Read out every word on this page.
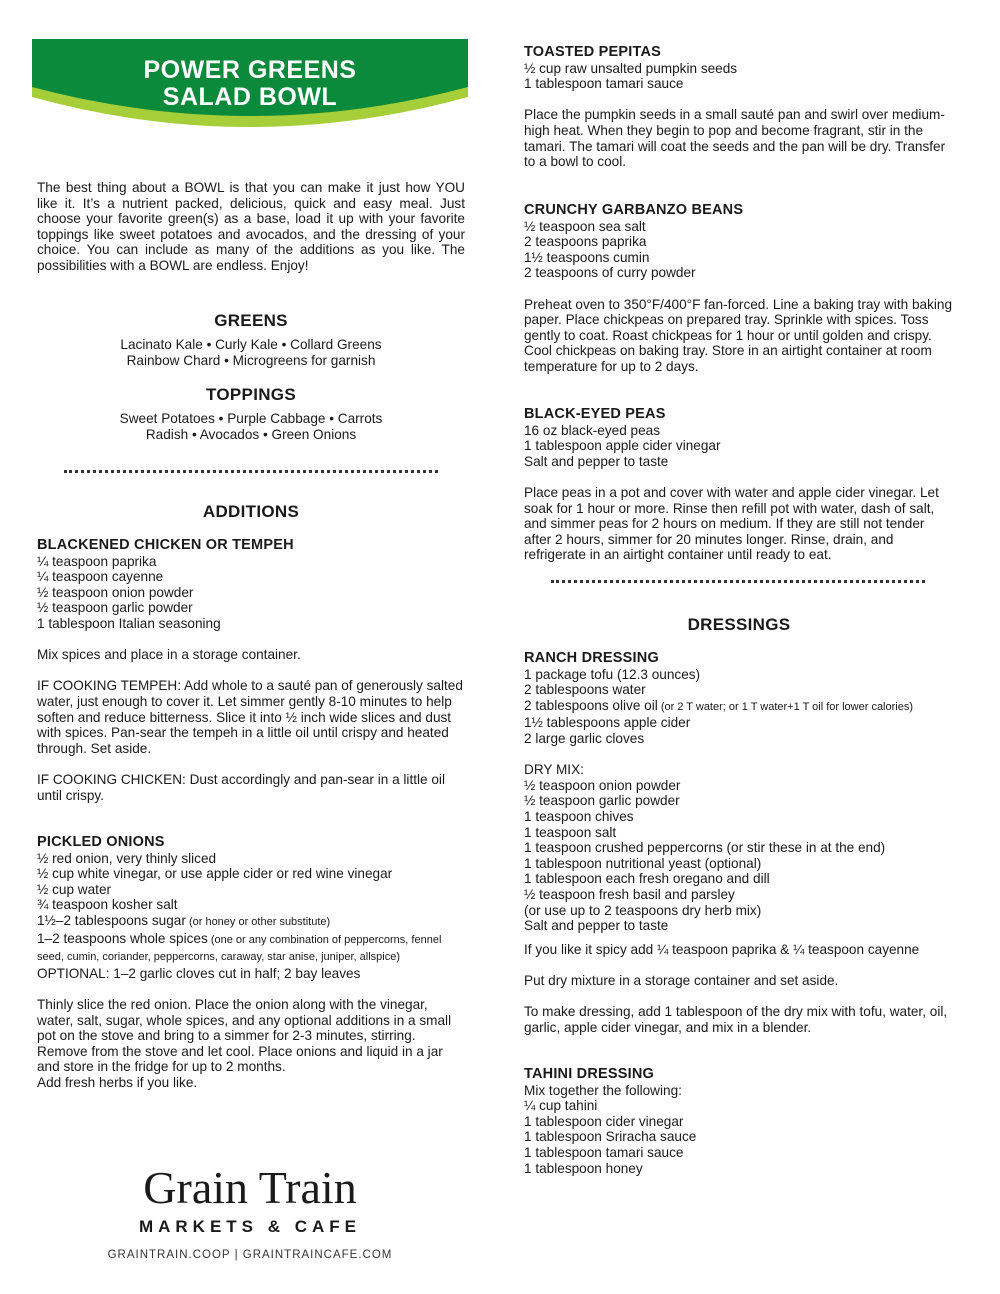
POWER GREENS
SALAD BOWL

The best thing about a BOWL is that you can make it just how YOU like it. It’s a nutrient packed, delicious, quick and easy meal. Just choose your favorite green(s) as a base, load it up with your favorite toppings like sweet potatoes and avocados, and the dressing of your choice. You can include as many of the additions as you like. The possibilities with a BOWL are endless. Enjoy!

GREENS
Lacinato Kale • Curly Kale • Collard Greens
Rainbow Chard • Microgreens for garnish
TOPPINGS
Sweet Potatoes • Purple Cabbage • Carrots
Radish • Avocados • Green Onions
ADDITIONS
BLACKENED CHICKEN OR TEMPEH
¼ teaspoon paprika
¼ teaspoon cayenne
½ teaspoon onion powder
½ teaspoon garlic powder
1 tablespoon Italian seasoning

Mix spices and place in a storage container.

IF COOKING TEMPEH: Add whole to a sauté pan of generously salted water, just enough to cover it. Let simmer gently 8-10 minutes to help soften and reduce bitterness. Slice it into ½ inch wide slices and dust with spices. Pan-sear the tempeh in a little oil until crispy and heated through. Set aside.

IF COOKING CHICKEN: Dust accordingly and pan-sear in a little oil until crispy.

PICKLED ONIONS
½ red onion, very thinly sliced
½ cup white vinegar, or use apple cider or red wine vinegar
½ cup water
¾ teaspoon kosher salt
1½–2 tablespoons sugar (or honey or other substitute)

1–2 teaspoons whole spices (one or any combination of peppercorns, fennel seed, cumin, coriander, peppercorns, caraway, star anise, juniper, allspice)

OPTIONAL: 1–2 garlic cloves cut in half; 2 bay leaves

Thinly slice the red onion. Place the onion along with the vinegar, water, salt, sugar, whole spices, and any optional additions in a small pot on the stove and bring to a simmer for 2-3 minutes, stirring. Remove from the stove and let cool. Place onions and liquid in a jar and store in the fridge for up to 2 months.

Add fresh herbs if you like.

Grain Train
MARKETS & CAFE
GRAINTRAIN.COOP | GRAINTRAINCAFE.COM
TOASTED PEPITAS
½ cup raw unsalted pumpkin seeds
1 tablespoon tamari sauce

Place the pumpkin seeds in a small sauté pan and swirl over medium-high heat. When they begin to pop and become fragrant, stir in the tamari. The tamari will coat the seeds and the pan will be dry. Transfer to a bowl to cool.

CRUNCHY GARBANZO BEANS
½ teaspoon sea salt
2 teaspoons paprika
1½ teaspoons cumin
2 teaspoons of curry powder

Preheat oven to 350°F/400°F fan-forced. Line a baking tray with baking paper. Place chickpeas on prepared tray. Sprinkle with spices. Toss gently to coat. Roast chickpeas for 1 hour or until golden and crispy. Cool chickpeas on baking tray. Store in an airtight container at room temperature for up to 2 days.

BLACK-EYED PEAS
16 oz black-eyed peas
1 tablespoon apple cider vinegar
Salt and pepper to taste

Place peas in a pot and cover with water and apple cider vinegar. Let soak for 1 hour or more. Rinse then refill pot with water, dash of salt, and simmer peas for 2 hours on medium. If they are still not tender after 2 hours, simmer for 20 minutes longer. Rinse, drain, and refrigerate in an airtight container until ready to eat.

DRESSINGS
RANCH DRESSING
1 package tofu (12.3 ounces)
2 tablespoons water
2 tablespoons olive oil (or 2 T water; or 1 T water+1 T oil for lower calories)
1½ tablespoons apple cider
2 large garlic cloves
DRY MIX:
½ teaspoon onion powder
½ teaspoon garlic powder
1 teaspoon chives
1 teaspoon salt
1 teaspoon crushed peppercorns (or stir these in at the end)
1 tablespoon nutritional yeast (optional)
1 tablespoon each fresh oregano and dill
½ teaspoon fresh basil and parsley
(or use up to 2 teaspoons dry herb mix)
Salt and pepper to taste
If you like it spicy add ¼ teaspoon paprika & ¼ teaspoon cayenne

Put dry mixture in a storage container and set aside.

To make dressing, add 1 tablespoon of the dry mix with tofu, water, oil, garlic, apple cider vinegar, and mix in a blender.

TAHINI DRESSING
Mix together the following:
¼ cup tahini
1 tablespoon cider vinegar
1 tablespoon Sriracha sauce
1 tablespoon tamari sauce
1 tablespoon honey
